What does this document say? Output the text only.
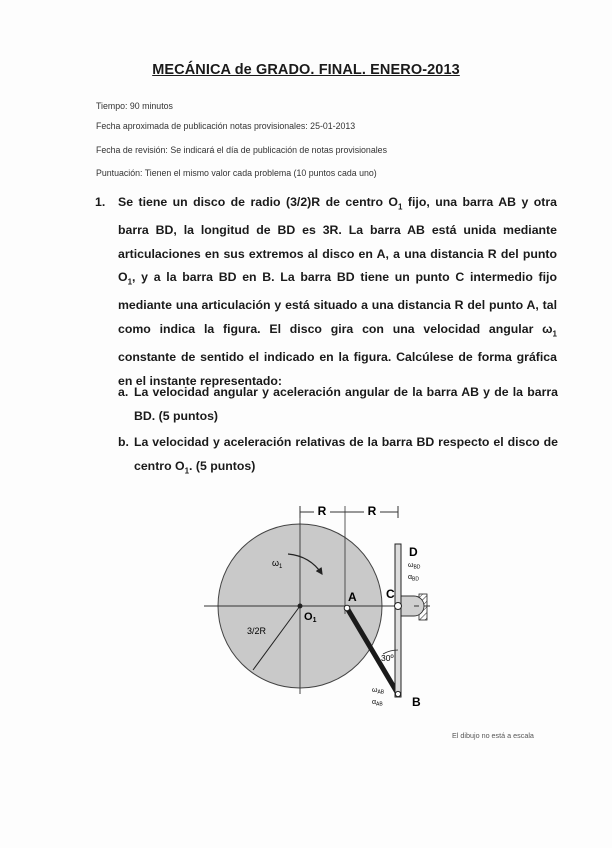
MECÁNICA de GRADO. FINAL. ENERO-2013
Tiempo: 90 minutos
Fecha aproximada de publicación notas provisionales: 25-01-2013
Fecha de revisión: Se indicará el día de publicación de notas provisionales
Puntuación: Tienen el mismo valor cada problema (10 puntos cada uno)
1. Se tiene un disco de radio (3/2)R de centro $O_1$ fijo, una barra AB y otra barra BD, la longitud de BD es 3R. La barra AB está unida mediante articulaciones en sus extremos al disco en A, a una distancia R del punto $O_1$, y a la barra BD en B. La barra BD tiene un punto C intermedio fijo mediante una articulación y está situado a una distancia R del punto A, tal como indica la figura. El disco gira con una velocidad angular $\omega_1$ constante de sentido el indicado en la figura. Calcúlese de forma gráfica en el instante representado:
a. La velocidad angular y aceleración angular de la barra AB y de la barra BD. (5 puntos)
b. La velocidad y aceleración relativas de la barra BD respecto el disco de centro $O_1$. (5 puntos)
R	R
3/2R
$\omega_1$
O1
A C
D
B
$\omega_{BD}$
$\alpha_{BD}$
30º
$\omega_{AB}$
$\alpha_{AB}$
El dibujo no está a escala
